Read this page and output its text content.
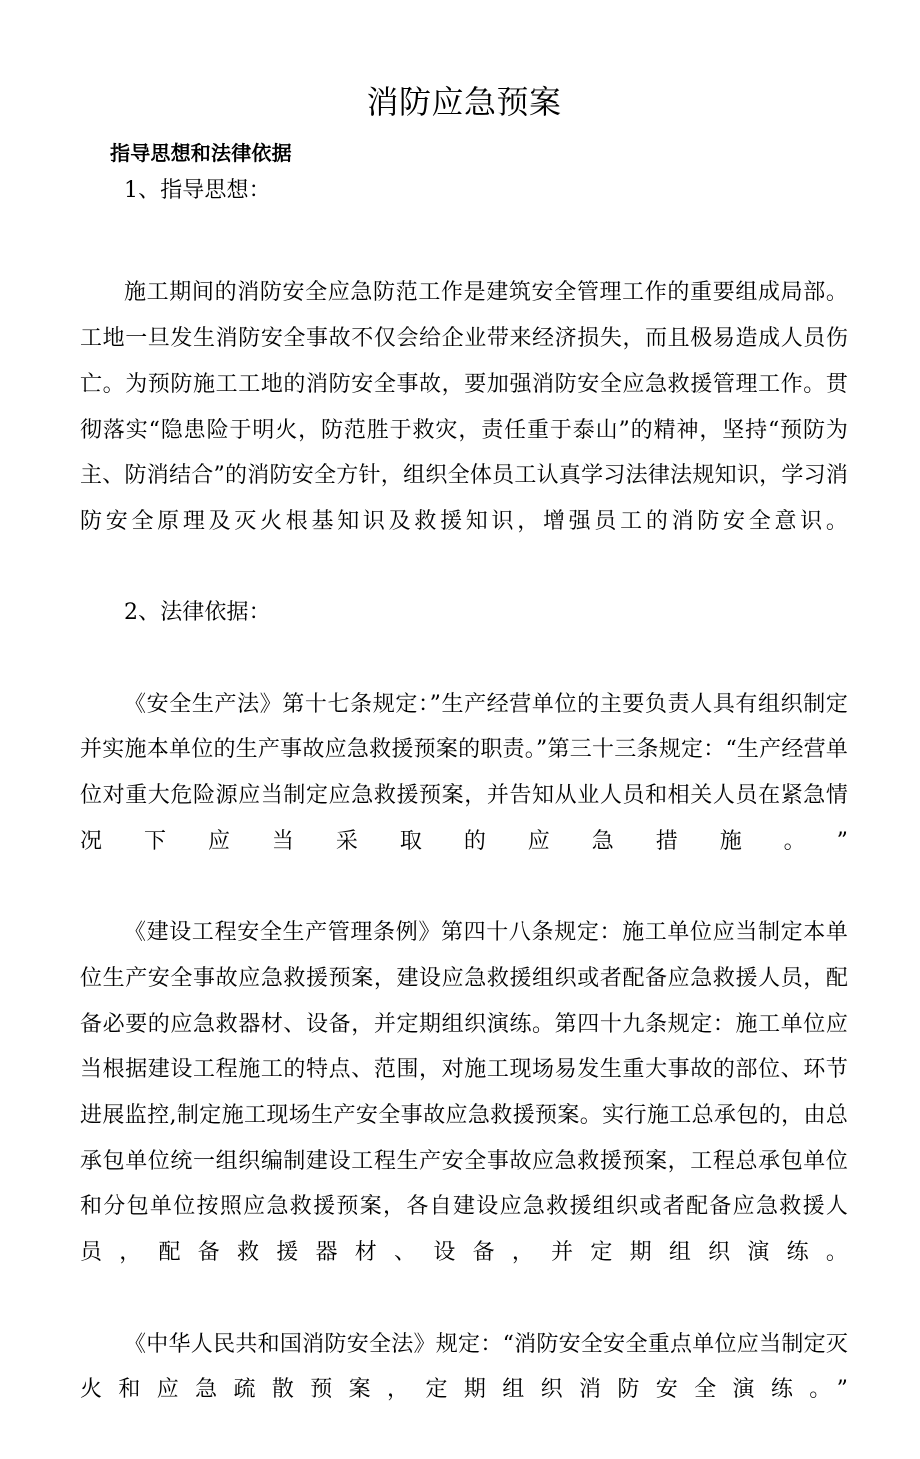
消防应急预案
指导思想和法律依据

1、指导思想：

施工期间的消防安全应急防范工作是建筑安全管理工作的重要组成局部。工地一旦发生消防安全事故不仅会给企业带来经济损失，而且极易造成人员伤亡。为预防施工工地的消防安全事故，要加强消防安全应急救援管理工作。贯彻落实“隐患险于明火，防范胜于救灾，责任重于泰山”的精神，坚持“预防为主、防消结合”的消防安全方针，组织全体员工认真学习法律法规知识，学习消防安全原理及灭火根基知识及救援知识，增强员工的消防安全意识。

2、法律依据：

《安全生产法》第十七条规定：”生产经营单位的主要负责人具有组织制定并实施本单位的生产事故应急救援预案的职责。”第三十三条规定：“生产经营单位对重大危险源应当制定应急救援预案，并告知从业人员和相关人员在紧急情况下应当采取的应急措施。”

《建设工程安全生产管理条例》第四十八条规定：施工单位应当制定本单位生产安全事故应急救援预案，建设应急救援组织或者配备应急救援人员，配备必要的应急救器材、设备，并定期组织演练。第四十九条规定：施工单位应当根据建设工程施工的特点、范围，对施工现场易发生重大事故的部位、环节进展监控,制定施工现场生产安全事故应急救援预案。实行施工总承包的，由总承包单位统一组织编制建设工程生产安全事故应急救援预案，工程总承包单位和分包单位按照应急救援预案，各自建设应急救援组织或者配备应急救援人员，配备救援器材、设备，并定期组织演练。

《中华人民共和国消防安全法》规定：“消防安全安全重点单位应当制定灭火和应急疏散预案，定期组织消防安全演练。”
